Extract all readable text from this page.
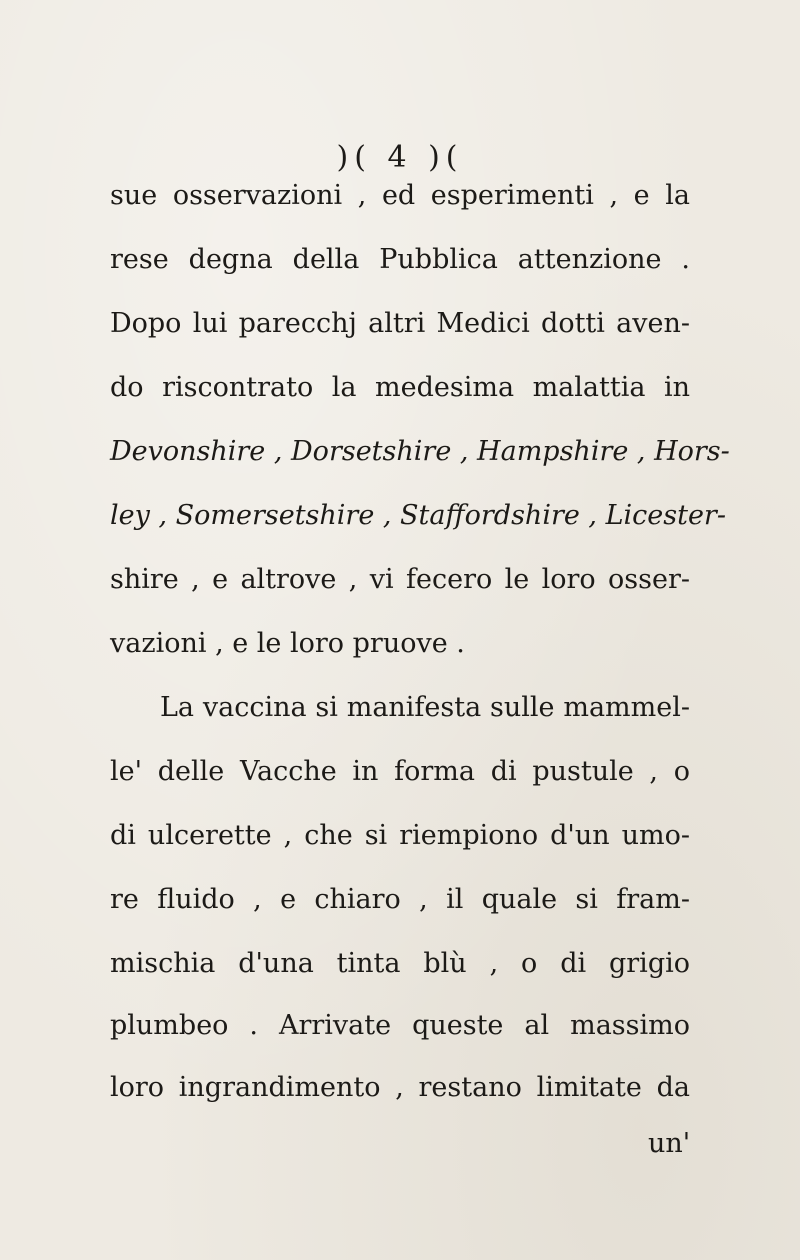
)( 4 )(
sue osservazioni , ed esperimenti , e la
rese degna della Pubblica attenzione .
Dopo lui parecchj altri Medici dotti aven-
do riscontrato la medesima malattia in
Devonshire , Dorsetshire , Hampshire , Hors-
ley , Somersetshire , Staffordshire , Licester-
shire , e altrove , vi fecero le loro osser-
vazioni , e le loro pruove .
La vaccina si manifesta sulle mammel-
le' delle Vacche in forma di pustule , o
di ulcerette , che si riempiono d'un umo-
re fluido , e chiaro , il quale si fram-
mischia d'una tinta blù , o di grigio
plumbeo . Arrivate queste al massimo
loro ingrandimento , restano limitate da
un'
